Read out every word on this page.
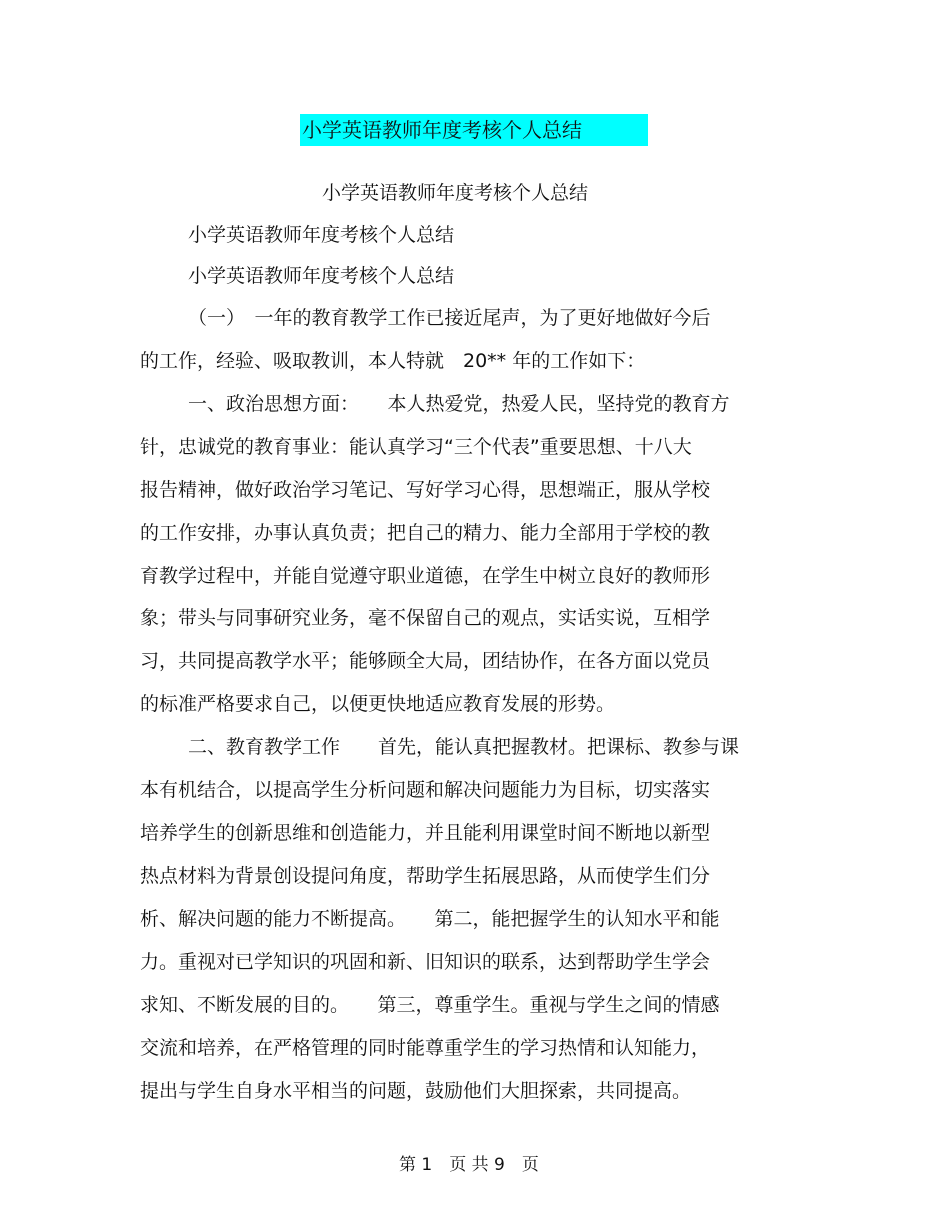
小学英语教师年度考核个人总结
小学英语教师年度考核个人总结
小学英语教师年度考核个人总结
小学英语教师年度考核个人总结
（一）　一年的教育教学工作已接近尾声，为了更好地做好今后
的工作，经验、吸取教训，本人特就　20** 年的工作如下：
一、政治思想方面：　　本人热爱党，热爱人民，坚持党的教育方
针，忠诚党的教育事业：能认真学习“三个代表”重要思想、十八大
报告精神，做好政治学习笔记、写好学习心得，思想端正，服从学校
的工作安排，办事认真负责；把自己的精力、能力全部用于学校的教
育教学过程中，并能自觉遵守职业道德，在学生中树立良好的教师形
象；带头与同事研究业务，毫不保留自己的观点，实话实说，互相学
习，共同提高教学水平；能够顾全大局，团结协作，在各方面以党员
的标准严格要求自己，以便更快地适应教育发展的形势。
二、教育教学工作　　首先，能认真把握教材。把课标、教参与课
本有机结合，以提高学生分析问题和解决问题能力为目标，切实落实
培养学生的创新思维和创造能力，并且能利用课堂时间不断地以新型
热点材料为背景创设提问角度，帮助学生拓展思路，从而使学生们分
析、解决问题的能力不断提高。　　第二，能把握学生的认知水平和能
力。重视对已学知识的巩固和新、旧知识的联系，达到帮助学生学会
求知、不断发展的目的。　　第三，尊重学生。重视与学生之间的情感
交流和培养，在严格管理的同时能尊重学生的学习热情和认知能力，
提出与学生自身水平相当的问题，鼓励他们大胆探索，共同提高。
第 1　页 共 9　页
